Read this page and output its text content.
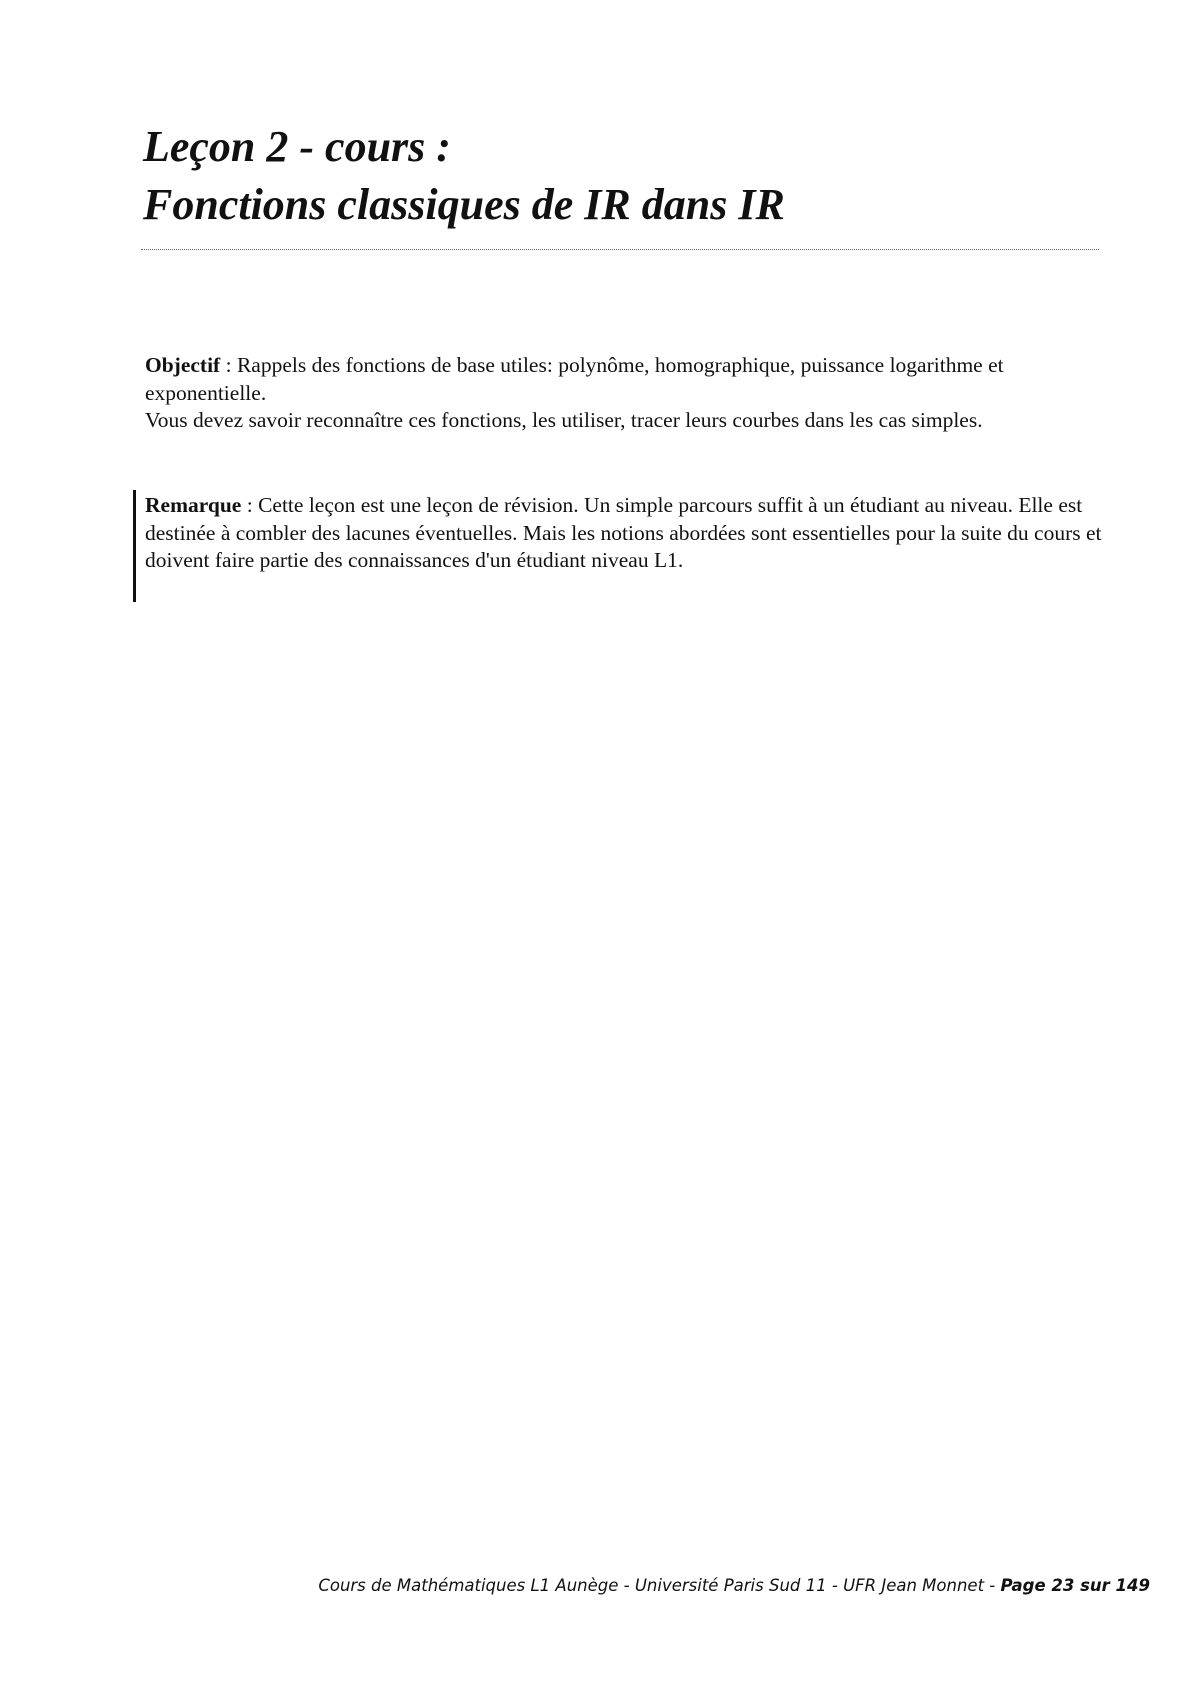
Leçon 2 - cours :
Fonctions classiques de IR dans IR

Objectif : Rappels des fonctions de base utiles: polynôme, homographique, puissance logarithme et exponentielle.
Vous devez savoir reconnaître ces fonctions, les utiliser, tracer leurs courbes dans les cas simples.

Remarque : Cette leçon est une leçon de révision. Un simple parcours suffit à un étudiant au niveau. Elle est destinée à combler des lacunes éventuelles. Mais les notions abordées sont essentielles pour la suite du cours et doivent faire partie des connaissances d'un étudiant niveau L1.

Cours de Mathématiques L1 Aunège - Université Paris Sud 11 - UFR Jean Monnet - Page 23 sur 149
